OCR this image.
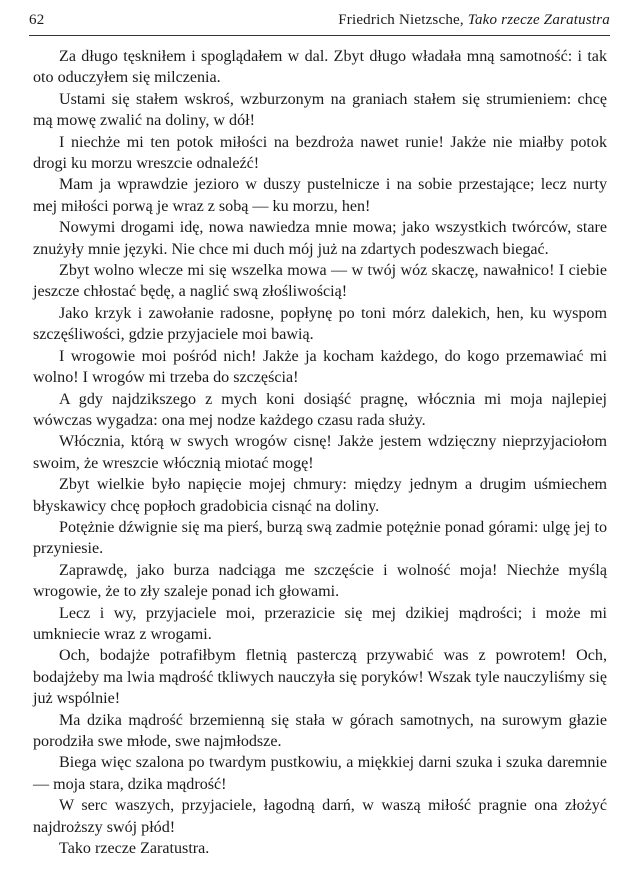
62	Friedrich Nietzsche, Tako rzecze Zaratustra

Za długo tęskniłem i spoglądałem w dal. Zbyt długo władała mną samotność: i tak oto oduczyłem się milczenia.

Ustami się stałem wskroś, wzburzonym na graniach stałem się strumieniem: chcę mą mowę zwalić na doliny, w dół!

I niechże mi ten potok miłości na bezdroża nawet runie! Jakże nie miałby potok drogi ku morzu wreszcie odnaleźć!

Mam ja wprawdzie jezioro w duszy pustelnicze i na sobie przestające; lecz nurty mej miłości porwą je wraz z sobą — ku morzu, hen!

Nowymi drogami idę, nowa nawiedza mnie mowa; jako wszystkich twórców, stare znużyły mnie języki. Nie chce mi duch mój już na zdartych podeszwach biegać.

Zbyt wolno wlecze mi się wszelka mowa — w twój wóz skaczę, nawałnico! I ciebie jeszcze chłostać będę, a naglić swą złośliwością!

Jako krzyk i zawołanie radosne, popłynę po toni mórz dalekich, hen, ku wyspom szczęśliwości, gdzie przyjaciele moi bawią.

I wrogowie moi pośród nich! Jakże ja kocham każdego, do kogo przemawiać mi wolno! I wrogów mi trzeba do szczęścia!

A gdy najdzikszego z mych koni dosiąść pragnę, włócznia mi moja najlepiej wówczas wygadza: ona mej nodze każdego czasu rada służy.

Włócznia, którą w swych wrogów cisnę! Jakże jestem wdzięczny nieprzyjaciołom swoim, że wreszcie włócznią miotać mogę!

Zbyt wielkie było napięcie mojej chmury: między jednym a drugim uśmiechem błyskawicy chcę popłoch gradobicia cisnąć na doliny.

Potężnie dźwignie się ma pierś, burzą swą zadmie potężnie ponad górami: ulgę jej to przyniesie.

Zaprawdę, jako burza nadciąga me szczęście i wolność moja! Niechże myślą wrogowie, że to zły szaleje ponad ich głowami.

Lecz i wy, przyjaciele moi, przerazicie się mej dzikiej mądrości; i może mi umkniecie wraz z wrogami.

Och, bodajże potrafiłbym fletnią pasterczą przywabić was z powrotem! Och, bodajżeby ma lwia mądrość tkliwych nauczyła się poryków! Wszak tyle nauczyliśmy się już wspólnie!

Ma dzika mądrość brzemienną się stała w górach samotnych, na surowym głazie porodziła swe młode, swe najmłodsze.

Biega więc szalona po twardym pustkowiu, a miękkiej darni szuka i szuka daremnie — moja stara, dzika mądrość!

W serc waszych, przyjaciele, łagodną darń, w waszą miłość pragnie ona złożyć najdroższy swój płód!

Tako rzecze Zaratustra.
